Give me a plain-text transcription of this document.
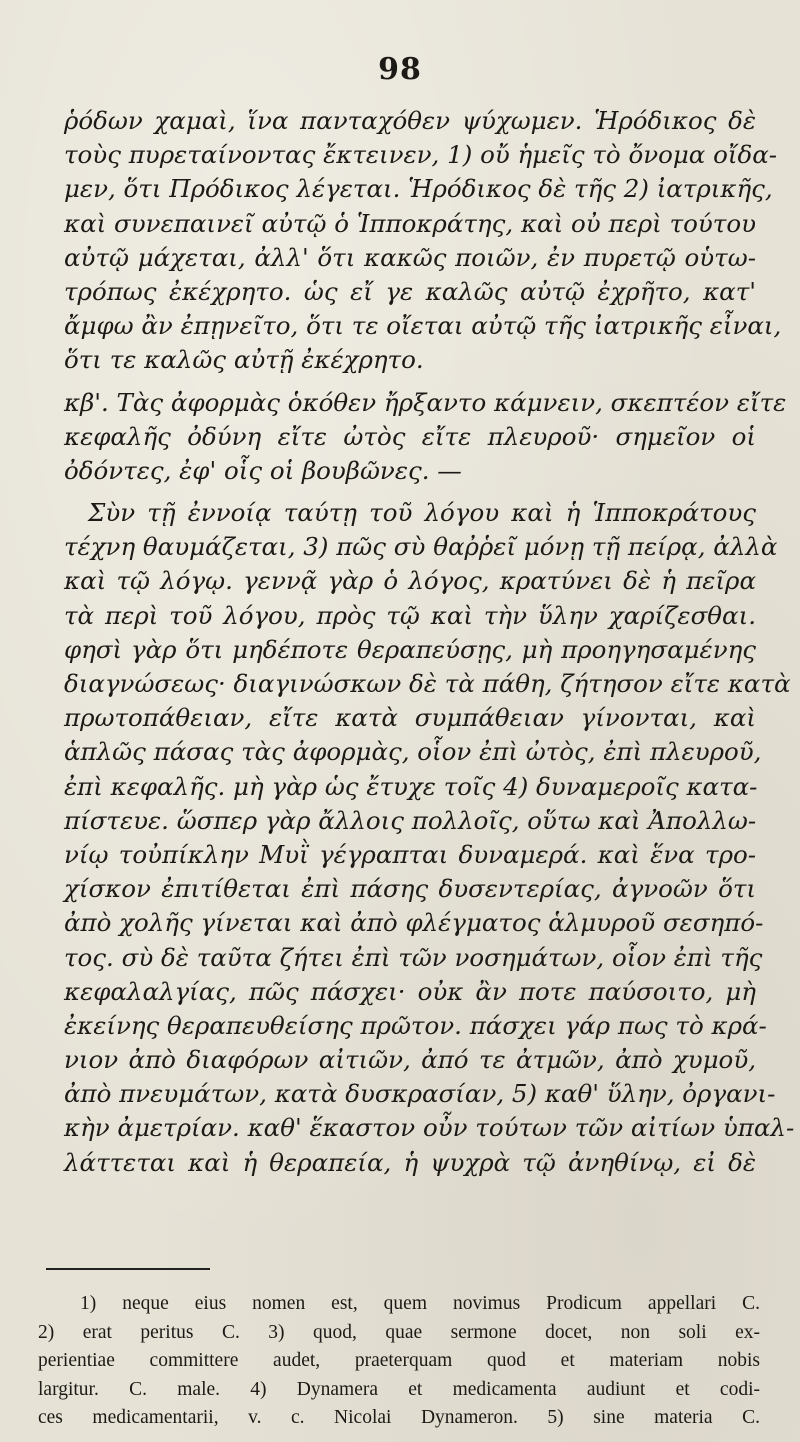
98
ῥόδων χαμαὶ, ἵνα πανταχόθεν ψύχωμεν. Ἡρόδικος δὲ
τοὺς πυρεταίνοντας ἔκτεινεν, 1) οὔ ἡμεῖς τὸ ὄνομα οἴδα-
μεν, ὅτι Πρόδικος λέγεται. Ἡρόδικος δὲ τῆς 2) ἰατρικῆς,
καὶ συνεπαινεῖ αὐτῷ ὁ Ἱπποκράτης, καὶ οὐ περὶ τούτου
αὐτῷ μάχεται, ἀλλ' ὅτι κακῶς ποιῶν, ἐν πυρετῷ οὑτω-
τρόπως ἐκέχρητο. ὡς εἴ γε καλῶς αὐτῷ ἐχρῆτο, κατ'
ἄμφω ἂν ἐπῃνεῖτο, ὅτι τε οἴεται αὐτῷ τῆς ἰατρικῆς εἶναι,
ὅτι τε καλῶς αὐτῇ ἐκέχρητο.
κβ'. Τὰς ἀφορμὰς ὁκόθεν ἤρξαντο κάμνειν, σκεπτέον εἴτε
κεφαλῆς ὀδύνη εἴτε ὠτὸς εἴτε πλευροῦ· σημεῖον οἱ
ὀδόντες, ἐφ' οἷς οἱ βουβῶνες. —
Σὺν τῇ ἐννοίᾳ ταύτῃ τοῦ λόγου καὶ ἡ Ἱπποκράτους
τέχνη θαυμάζεται, 3) πῶς σὺ θαῤῥεῖ μόνῃ τῇ πείρᾳ, ἀλλὰ
καὶ τῷ λόγῳ. γεννᾷ γὰρ ὁ λόγος, κρατύνει δὲ ἡ πεῖρα
τὰ περὶ τοῦ λόγου, πρὸς τῷ καὶ τὴν ὕλην χαρίζεσθαι.
φησὶ γὰρ ὅτι μηδέποτε θεραπεύσῃς, μὴ προηγησαμένης
διαγνώσεως· διαγινώσκων δὲ τὰ πάθη, ζήτησον εἴτε κατὰ
πρωτοπάθειαν, εἴτε κατὰ συμπάθειαν γίνονται, καὶ
ἁπλῶς πάσας τὰς ἀφορμὰς, οἷον ἐπὶ ὠτὸς, ἐπὶ πλευροῦ,
ἐπὶ κεφαλῆς. μὴ γὰρ ὡς ἔτυχε τοῖς 4) δυναμεροῖς κατα-
πίστευε. ὥσπερ γὰρ ἄλλοις πολλοῖς, οὕτω καὶ Ἀπολλω-
νίῳ τοὐπίκλην Μυῒ γέγραπται δυναμερά. καὶ ἕνα τρο-
χίσκον ἐπιτίθεται ἐπὶ πάσης δυσεντερίας, ἀγνοῶν ὅτι
ἀπὸ χολῆς γίνεται καὶ ἀπὸ φλέγματος ἁλμυροῦ σεσηπό-
τος. σὺ δὲ ταῦτα ζήτει ἐπὶ τῶν νοσημάτων, οἷον ἐπὶ τῆς
κεφαλαλγίας, πῶς πάσχει· οὐκ ἂν ποτε παύσοιτο, μὴ
ἐκείνης θεραπευθείσης πρῶτον. πάσχει γάρ πως τὸ κρά-
νιον ἀπὸ διαφόρων αἰτιῶν, ἀπό τε ἀτμῶν, ἀπὸ χυμοῦ,
ἀπὸ πνευμάτων, κατὰ δυσκρασίαν, 5) καθ' ὕλην, ὀργανι-
κὴν ἀμετρίαν. καθ' ἕκαστον οὖν τούτων τῶν αἰτίων ὑπαλ-
λάττεται καὶ ἡ θεραπεία, ἡ ψυχρὰ τῷ ἀνηθίνῳ, εἰ δὲ
1) neque eius nomen est, quem novimus Prodicum appellari C.
2) erat peritus C. 3) quod, quae sermone docet, non soli ex-
perientiae committere audet, praeterquam quod et materiam nobis
largitur. C. male. 4) Dynamera et medicamenta audiunt et codi-
ces medicamentarii, v. c. Nicolai Dynameron. 5) sine materia C.
